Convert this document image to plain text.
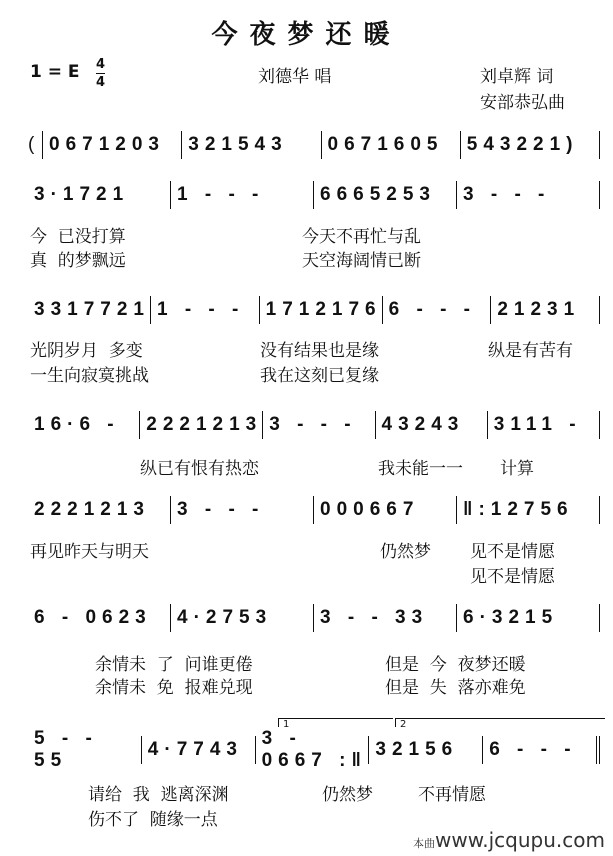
今夜梦还暖
1 = E 4
4	刘德华 唱	刘卓辉 词
安部恭弘曲
( 0671203	321543	0671605	543221)
3·1721	1 - - -	6665253	3 - - -
3317721 1 - - -	1712176 6 - - -	21231
16·6 -	2221213 3 - - -	43243	3111 -
2221213	3 - - -	000667	‖:12756
6 - 0623	4·2753	3 - - 33	6·3215
5 - - 55
4·7743
3 - 0667 :‖
32156	6 - - -
1	2
今  已没打算	今天不再忙与乱
真  的梦飘远	天空海阔情已断
光阴岁月  多变	没有结果也是缘	纵是有苦有
一生向寂寞挑战	我在这刻已复缘
纵已有恨有热恋	我未能一一 计算
再见昨天与明天	仍然梦 见不是情愿
见不是情愿
余情未  了  问谁更倦	但是  今  夜梦还暖
余情未  免  报难兑现	但是  失  落亦难免
请给  我  逃离深渊	仍然梦	不再情愿
伤不了  随缘一点
本曲www.jcqupu.com
